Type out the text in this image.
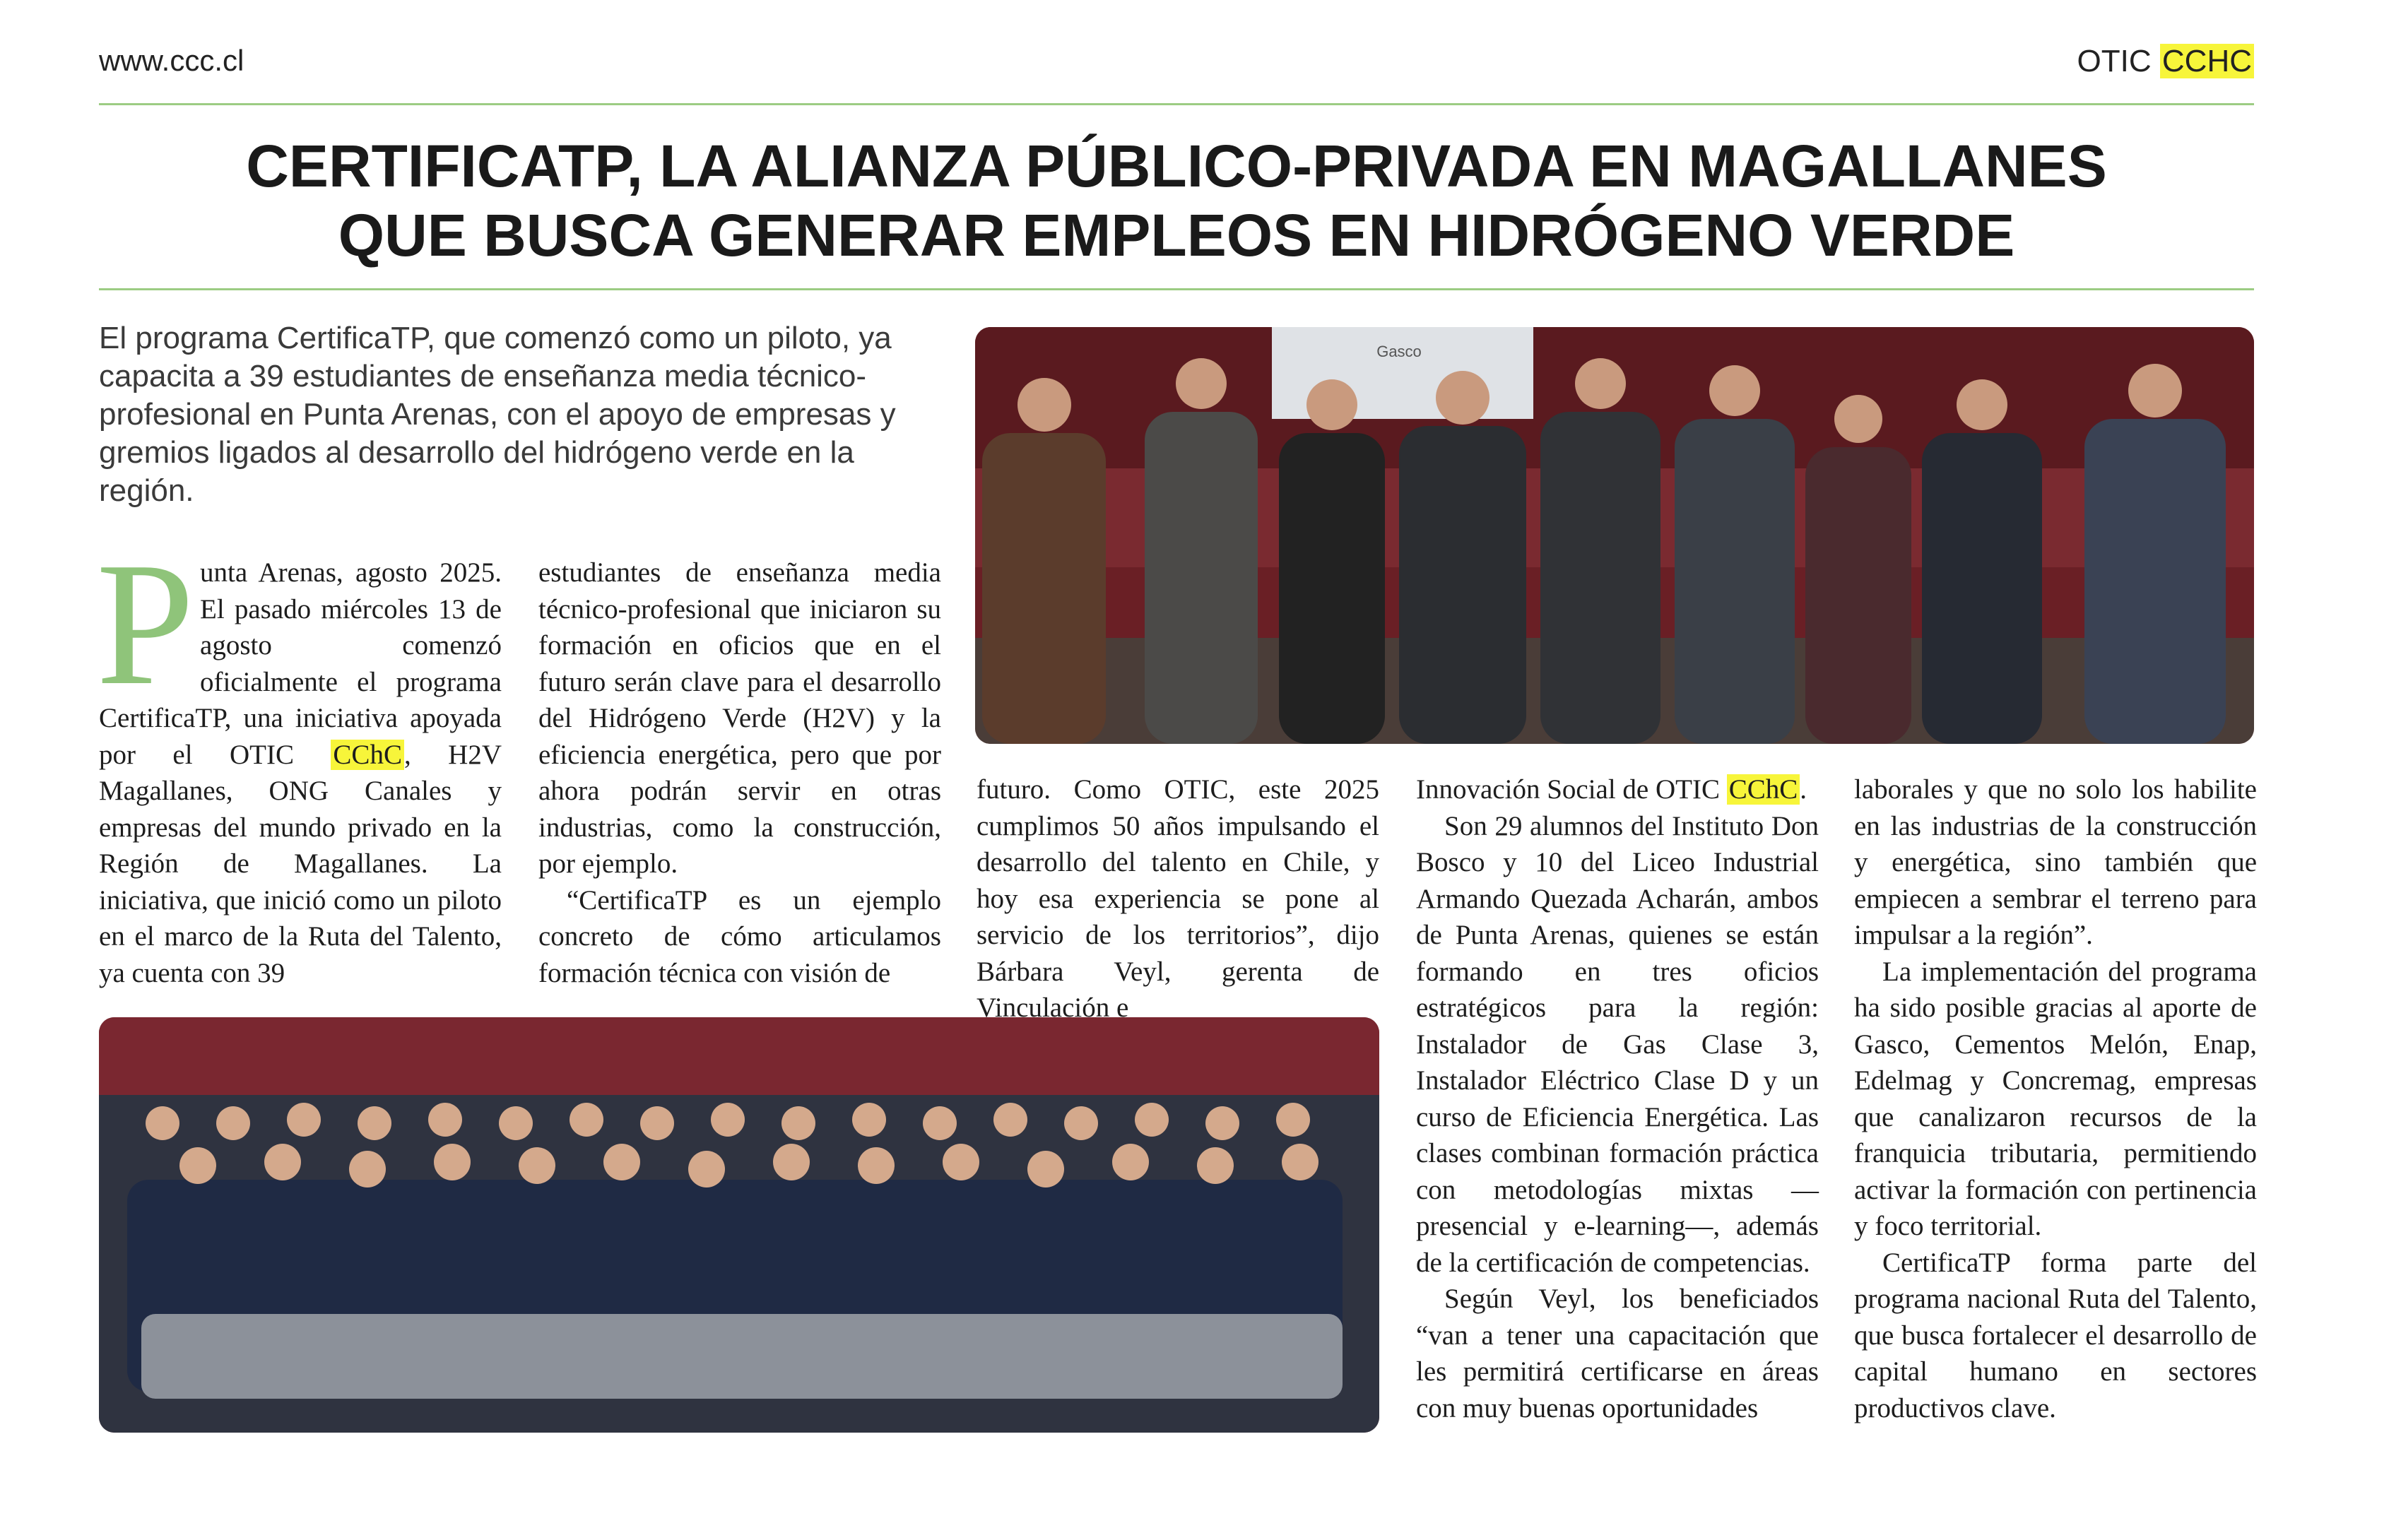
www.ccc.cl	OTIC CCHC
CERTIFICATP, LA ALIANZA PÚBLICO-PRIVADA EN MAGALLANES
QUE BUSCA GENERAR EMPLEOS EN HIDRÓGENO VERDE
El programa CertificaTP, que comenzó como un piloto, ya capacita a 39 estudiantes de enseñanza media técnico-profesional en Punta Arenas, con el apoyo de empresas y gremios ligados al desarrollo del hidrógeno verde en la región.
Gasco

Punta Arenas, agosto 2025. El pasado miércoles 13 de agosto comenzó oficialmente el programa CertificaTP, una iniciativa apoyada por el OTIC CChC, H2V Magallanes, ONG Canales y empresas del mundo privado en la Región de Magallanes. La iniciativa, que inició como un piloto en el marco de la Ruta del Talento, ya cuenta con 39

estudiantes de enseñanza media técnico-profesional que iniciaron su formación en oficios que en el futuro serán clave para el desarrollo del Hidrógeno Verde (H2V) y la eficiencia energética, pero que por ahora podrán servir en otras industrias, como la construcción, por ejemplo.

“CertificaTP es un ejemplo concreto de cómo articulamos formación técnica con visión de

futuro. Como OTIC, este 2025 cumplimos 50 años impulsando el desarrollo del talento en Chile, y hoy esa experiencia se pone al servicio de los territorios”, dijo Bárbara Veyl, gerenta de Vinculación e

Innovación Social de OTIC CChC.

Son 29 alumnos del Instituto Don Bosco y 10 del Liceo Industrial Armando Quezada Acharán, ambos de Punta Arenas, quienes se están formando en tres oficios estratégicos para la región: Instalador de Gas Clase 3, Instalador Eléctrico Clase D y un curso de Eficiencia Energética. Las clases combinan formación práctica con metodologías mixtas —presencial y e-learning—, además de la certificación de competencias.

Según Veyl, los beneficiados “van a tener una capacitación que les permitirá certificarse en áreas con muy buenas oportunidades

laborales y que no solo los habilite en las industrias de la construcción y energética, sino también que empiecen a sembrar el terreno para impulsar a la región”.

La implementación del programa ha sido posible gracias al aporte de Gasco, Cementos Melón, Enap, Edelmag y Concremag, empresas que canalizaron recursos de la franquicia tributaria, permitiendo activar la formación con pertinencia y foco territorial.

CertificaTP forma parte del programa nacional Ruta del Talento, que busca fortalecer el desarrollo de capital humano en sectores productivos clave.
